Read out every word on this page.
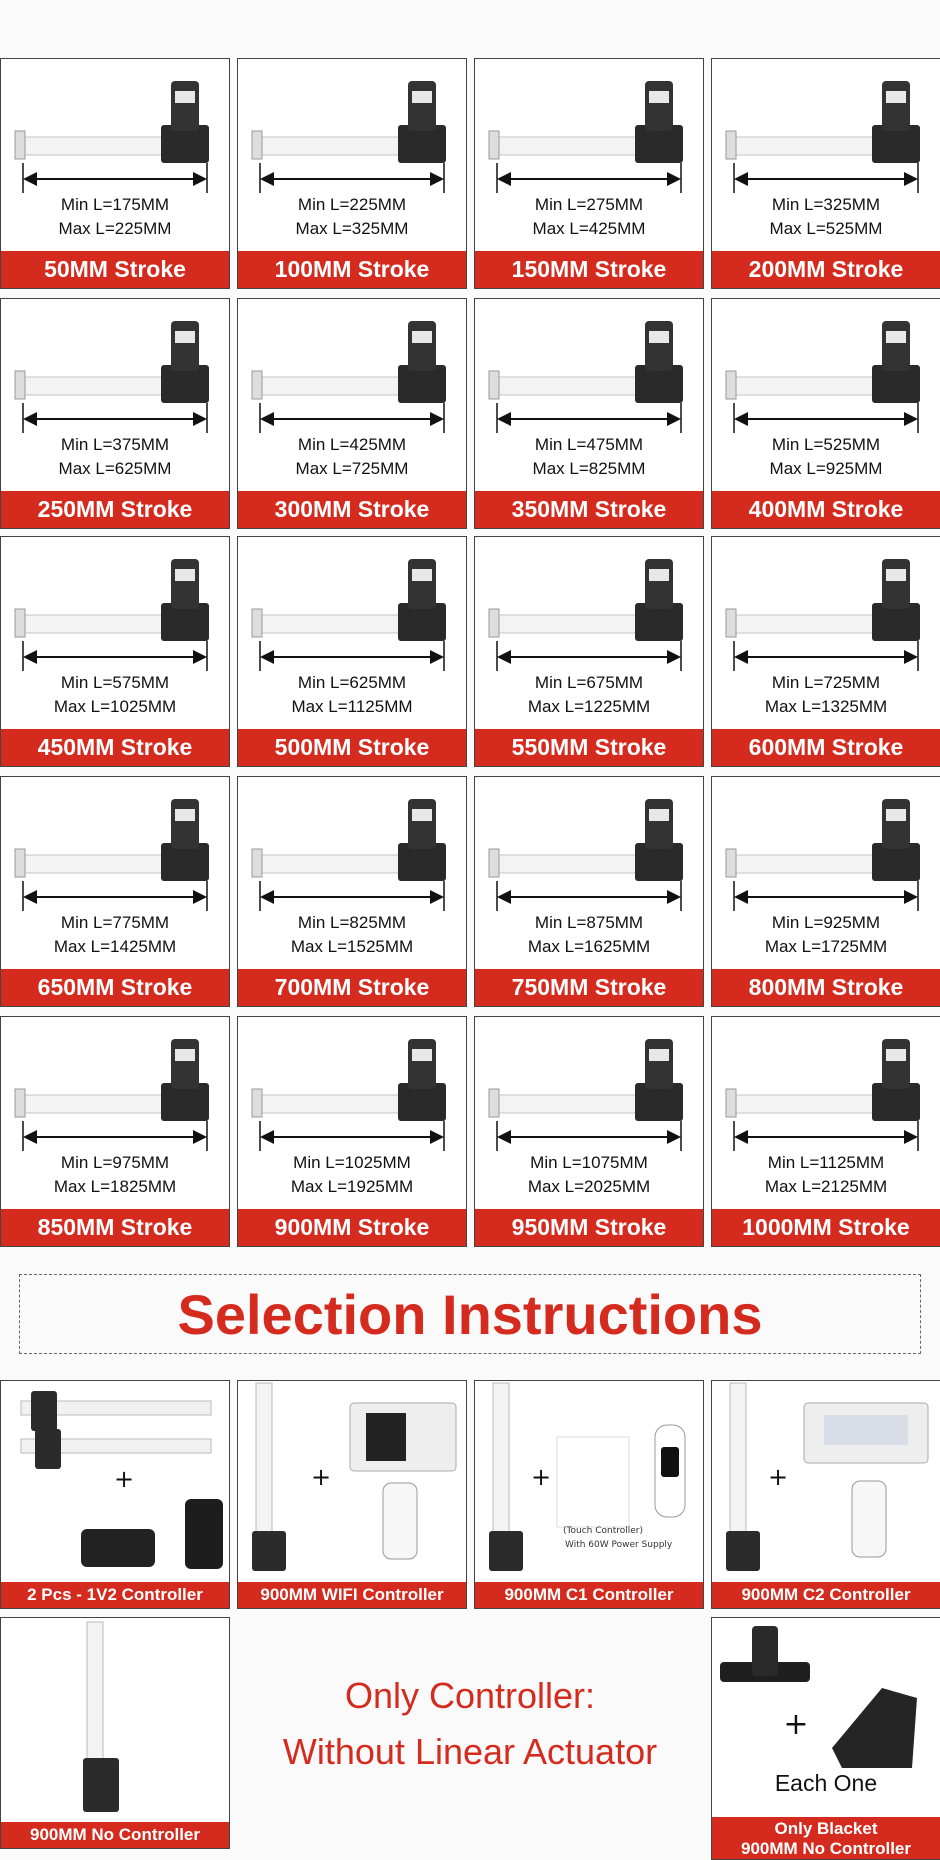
Min L=175MM
Max L=225MM
50MM Stroke
Min L=225MM
Max L=325MM
100MM Stroke
Min L=275MM
Max L=425MM
150MM Stroke
Min L=325MM
Max L=525MM
200MM Stroke
Min L=375MM
Max L=625MM
250MM Stroke
Min L=425MM
Max L=725MM
300MM Stroke
Min L=475MM
Max L=825MM
350MM Stroke
Min L=525MM
Max L=925MM
400MM Stroke
Min L=575MM
Max L=1025MM
450MM Stroke
Min L=625MM
Max L=1125MM
500MM Stroke
Min L=675MM
Max L=1225MM
550MM Stroke
Min L=725MM
Max L=1325MM
600MM Stroke
Min L=775MM
Max L=1425MM
650MM Stroke
Min L=825MM
Max L=1525MM
700MM Stroke
Min L=875MM
Max L=1625MM
750MM Stroke
Min L=925MM
Max L=1725MM
800MM Stroke
Min L=975MM
Max L=1825MM
850MM Stroke
Min L=1025MM
Max L=1925MM
900MM Stroke
Min L=1075MM
Max L=2025MM
950MM Stroke
Min L=1125MM
Max L=2125MM
1000MM Stroke
Selection Instructions
+
2 Pcs - 1V2 Controller
+
900MM WIFI Controller
+
(Touch Controller)
With 60W Power Supply
900MM C1 Controller
+
900MM C2 Controller
900MM No Controller
Only Controller:
Without Linear Actuator
+
Each One
Only Blacket
900MM No Controller
